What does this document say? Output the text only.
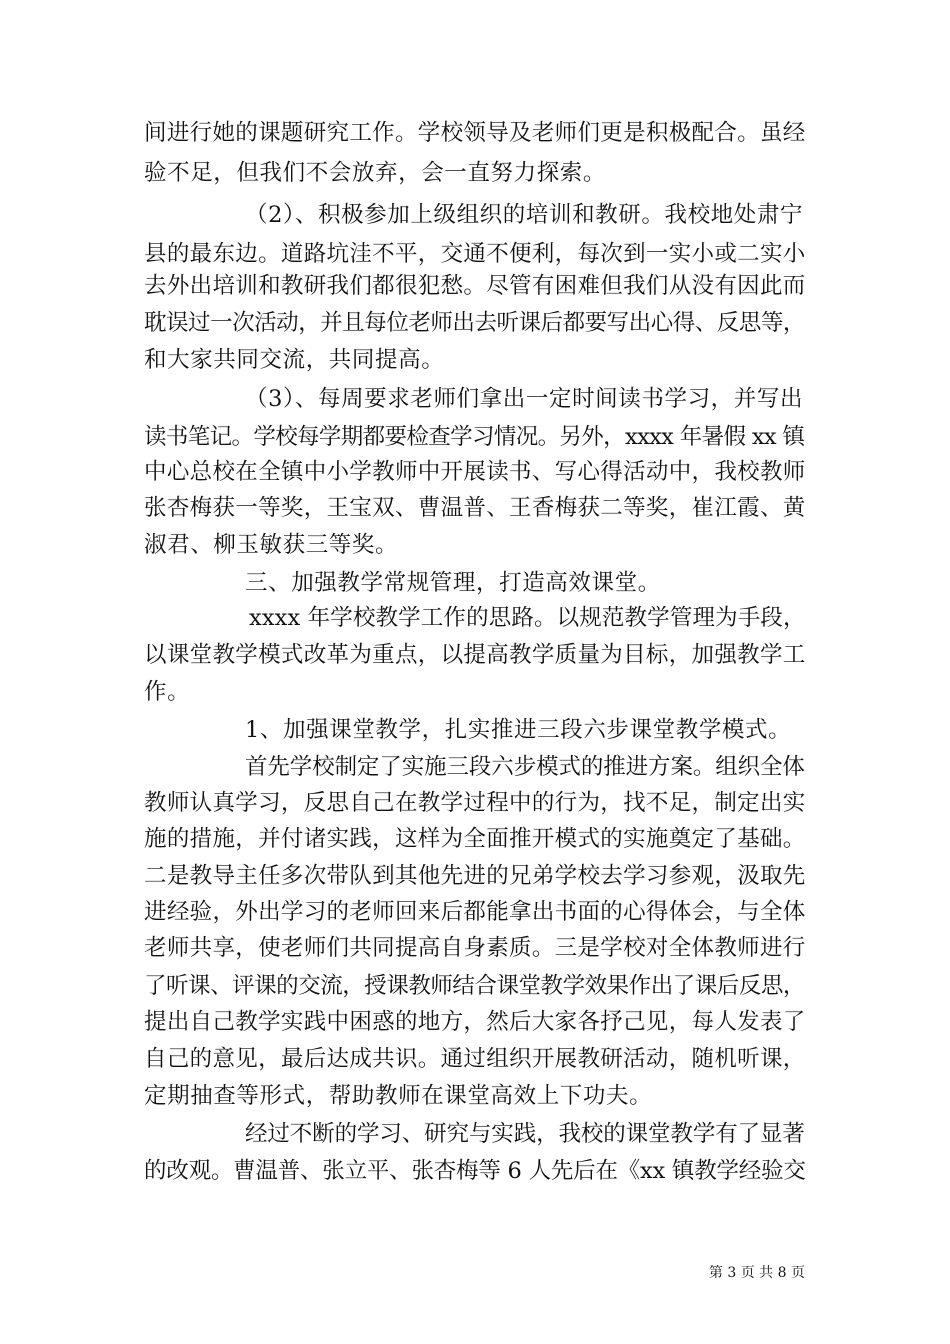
间进行她的课题研究工作。学校领导及老师们更是积极配合。虽经
验不足，但我们不会放弃，会一直努力探索。
（2）、积极参加上级组织的培训和教研。我校地处肃宁
县的最东边。道路坑洼不平，交通不便利，每次到一实小或二实小
去外出培训和教研我们都很犯愁。尽管有困难但我们从没有因此而
耽误过一次活动，并且每位老师出去听课后都要写出心得、反思等，
和大家共同交流，共同提高。
（3）、每周要求老师们拿出一定时间读书学习，并写出
读书笔记。学校每学期都要检查学习情况。另外，xxxx 年暑假 xx 镇
中心总校在全镇中小学教师中开展读书、写心得活动中，我校教师
张杏梅获一等奖，王宝双、曹温普、王香梅获二等奖，崔江霞、黄
淑君、柳玉敏获三等奖。
三、加强教学常规管理，打造高效课堂。
xxxx 年学校教学工作的思路。以规范教学管理为手段，
以课堂教学模式改革为重点，以提高教学质量为目标，加强教学工
作。
1、加强课堂教学，扎实推进三段六步课堂教学模式。
首先学校制定了实施三段六步模式的推进方案。组织全体
教师认真学习，反思自己在教学过程中的行为，找不足，制定出实
施的措施，并付诸实践，这样为全面推开模式的实施奠定了基础。
二是教导主任多次带队到其他先进的兄弟学校去学习参观，汲取先
进经验，外出学习的老师回来后都能拿出书面的心得体会，与全体
老师共享，使老师们共同提高自身素质。三是学校对全体教师进行
了听课、评课的交流，授课教师结合课堂教学效果作出了课后反思，
提出自己教学实践中困惑的地方，然后大家各抒己见，每人发表了
自己的意见，最后达成共识。通过组织开展教研活动，随机听课，
定期抽查等形式，帮助教师在课堂高效上下功夫。
经过不断的学习、研究与实践，我校的课堂教学有了显著
的改观。曹温普、张立平、张杏梅等 6 人先后在《xx 镇教学经验交
第 3 页 共 8 页
